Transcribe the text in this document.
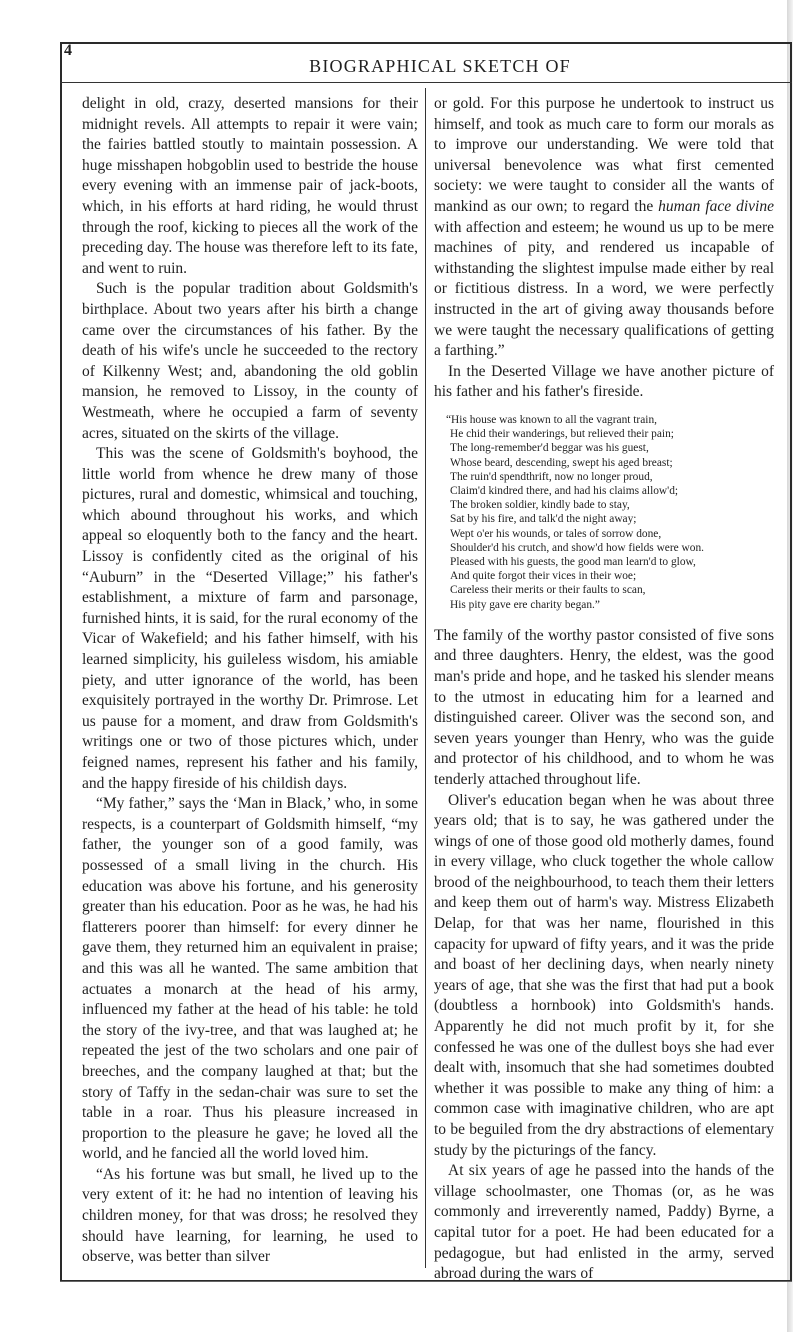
4
BIOGRAPHICAL SKETCH OF

delight in old, crazy, deserted mansions for their midnight revels. All attempts to repair it were vain; the fairies battled stoutly to maintain possession. A huge misshapen hobgoblin used to bestride the house every evening with an immense pair of jack-boots, which, in his efforts at hard riding, he would thrust through the roof, kicking to pieces all the work of the preceding day. The house was therefore left to its fate, and went to ruin.

Such is the popular tradition about Goldsmith's birthplace. About two years after his birth a change came over the circumstances of his father. By the death of his wife's uncle he succeeded to the rectory of Kilkenny West; and, abandoning the old goblin mansion, he removed to Lissoy, in the county of Westmeath, where he occupied a farm of seventy acres, situated on the skirts of the village.

This was the scene of Goldsmith's boyhood, the little world from whence he drew many of those pictures, rural and domestic, whimsical and touching, which abound throughout his works, and which appeal so eloquently both to the fancy and the heart. Lissoy is confidently cited as the original of his “Auburn” in the “Deserted Village;” his father's establishment, a mixture of farm and parsonage, furnished hints, it is said, for the rural economy of the Vicar of Wakefield; and his father himself, with his learned simplicity, his guileless wisdom, his amiable piety, and utter ignorance of the world, has been exquisitely portrayed in the worthy Dr. Primrose. Let us pause for a moment, and draw from Goldsmith's writings one or two of those pictures which, under feigned names, represent his father and his family, and the happy fireside of his childish days.

“My father,” says the ‘Man in Black,’ who, in some respects, is a counterpart of Goldsmith himself, “my father, the younger son of a good family, was possessed of a small living in the church. His education was above his fortune, and his generosity greater than his education. Poor as he was, he had his flatterers poorer than himself: for every dinner he gave them, they returned him an equivalent in praise; and this was all he wanted. The same ambition that actuates a monarch at the head of his army, influenced my father at the head of his table: he told the story of the ivy-tree, and that was laughed at; he repeated the jest of the two scholars and one pair of breeches, and the company laughed at that; but the story of Taffy in the sedan-chair was sure to set the table in a roar. Thus his pleasure increased in proportion to the pleasure he gave; he loved all the world, and he fancied all the world loved him.

“As his fortune was but small, he lived up to the very extent of it: he had no intention of leaving his children money, for that was dross; he resolved they should have learning, for learning, he used to observe, was better than silver

or gold. For this purpose he undertook to instruct us himself, and took as much care to form our morals as to improve our understanding. We were told that universal benevolence was what first cemented society: we were taught to consider all the wants of mankind as our own; to regard the human face divine with affection and esteem; he wound us up to be mere machines of pity, and rendered us incapable of withstanding the slightest impulse made either by real or fictitious distress. In a word, we were perfectly instructed in the art of giving away thousands before we were taught the necessary qualifications of getting a farthing.”

In the Deserted Village we have another picture of his father and his father's fireside.

“His house was known to all the vagrant train,
He chid their wanderings, but relieved their pain;
The long-remember'd beggar was his guest,
Whose beard, descending, swept his aged breast;
The ruin'd spendthrift, now no longer proud,
Claim'd kindred there, and had his claims allow'd;
The broken soldier, kindly bade to stay,
Sat by his fire, and talk'd the night away;
Wept o'er his wounds, or tales of sorrow done,
Shoulder'd his crutch, and show'd how fields were won.
Pleased with his guests, the good man learn'd to glow,
And quite forgot their vices in their woe;
Careless their merits or their faults to scan,
His pity gave ere charity began.”

The family of the worthy pastor consisted of five sons and three daughters. Henry, the eldest, was the good man's pride and hope, and he tasked his slender means to the utmost in educating him for a learned and distinguished career. Oliver was the second son, and seven years younger than Henry, who was the guide and protector of his childhood, and to whom he was tenderly attached throughout life.

Oliver's education began when he was about three years old; that is to say, he was gathered under the wings of one of those good old motherly dames, found in every village, who cluck together the whole callow brood of the neighbourhood, to teach them their letters and keep them out of harm's way. Mistress Elizabeth Delap, for that was her name, flourished in this capacity for upward of fifty years, and it was the pride and boast of her declining days, when nearly ninety years of age, that she was the first that had put a book (doubtless a hornbook) into Goldsmith's hands. Apparently he did not much profit by it, for she confessed he was one of the dullest boys she had ever dealt with, insomuch that she had sometimes doubted whether it was possible to make any thing of him: a common case with imaginative children, who are apt to be beguiled from the dry abstractions of elementary study by the picturings of the fancy.

At six years of age he passed into the hands of the village schoolmaster, one Thomas (or, as he was commonly and irreverently named, Paddy) Byrne, a capital tutor for a poet. He had been educated for a pedagogue, but had enlisted in the army, served abroad during the wars of
